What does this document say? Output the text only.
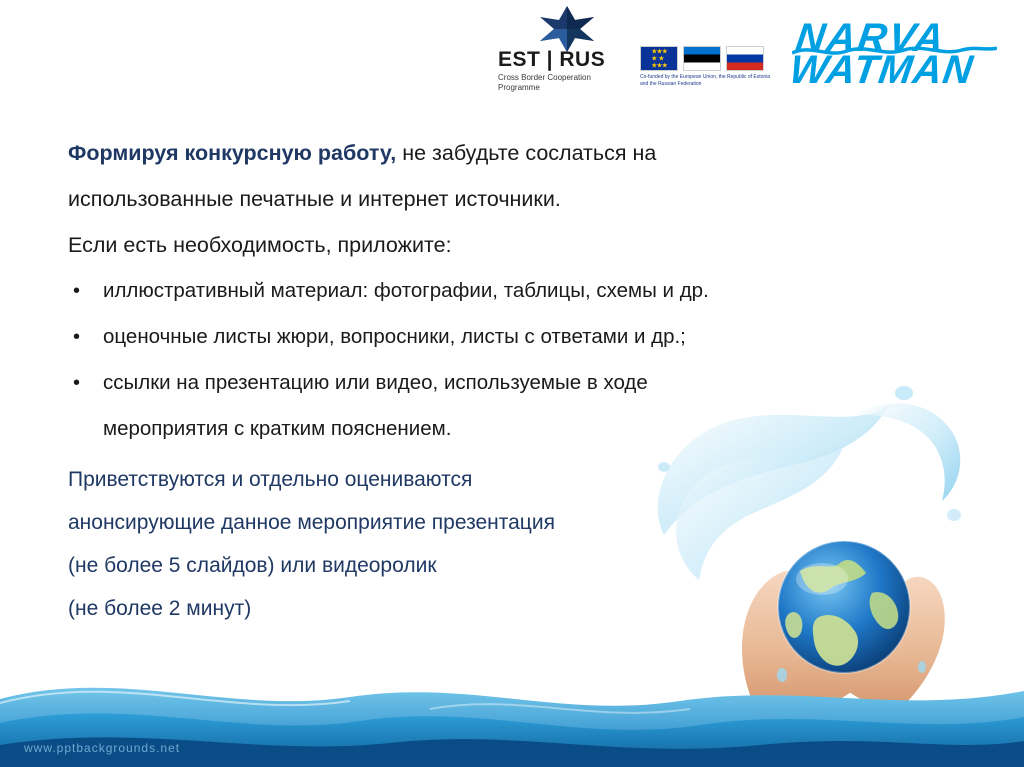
EST | RUS
Cross Border Cooperation Programme
★★★
★  ★
★★★
Co-funded by the European Union, the Republic of Estonia and the Russian Federation
NARVA
WATMAN
Формируя конкурсную работу, не забудьте сослаться на
использованные печатные и интернет источники.
Если есть необходимость, приложите:
• иллюстративный материал: фотографии, таблицы, схемы и др.
• оценочные листы жюри, вопросники, листы с ответами и др.;
• ссылки на презентацию или видео, используемые в ходе
мероприятия с кратким пояснением.
Приветствуются и отдельно оцениваются
анонсирующие данное мероприятие презентация
(не более 5 слайдов) или видеоролик
(не более 2 минут)
www.pptbackgrounds.net
